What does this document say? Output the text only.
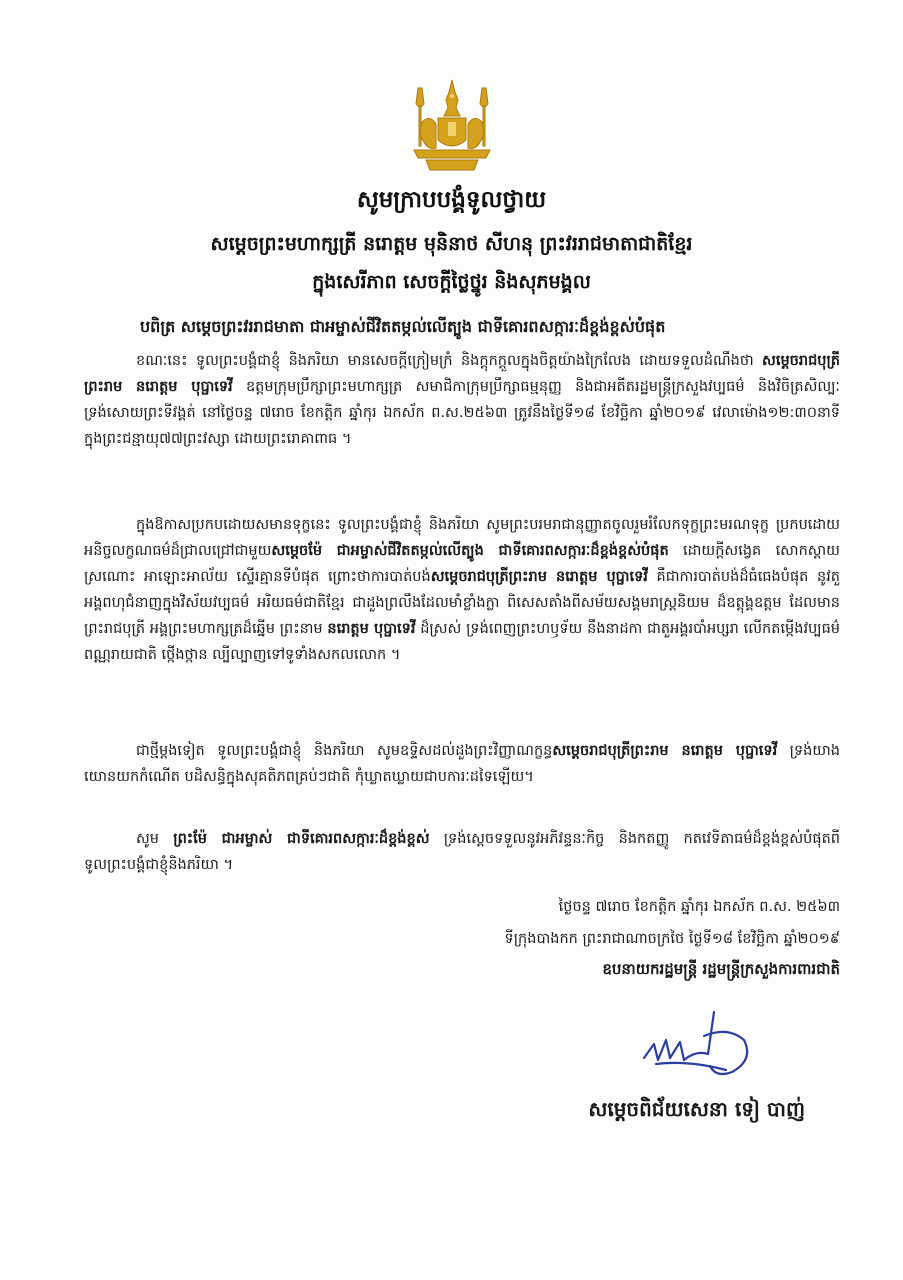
សូមក្រាបបង្គំទូលថ្វាយ
សម្តេចព្រះមហាក្សត្រី នរោត្តម មុនិនាថ សីហនុ ព្រះវររាជមាតាជាតិខ្មែរ
ក្នុងសេរីភាព សេចក្តីថ្លៃថ្នូរ និងសុភមង្គល
បពិត្រ សម្តេចព្រះវររាជមាតា ជាអម្ចាស់ជីវិតតម្កល់លើត្បូង ជាទីគោរពសក្ការៈដ៏ខ្ពង់ខ្ពស់បំផុត
ខណៈនេះ ទូលព្រះបង្គំជាខ្ញុំ និងភរិយា មានសេចក្តីក្រៀមក្រំ និងក្តុកក្តួលក្នុងចិត្តយ៉ាងក្រៃលែង ដោយទទួលដំណឹងថា សម្តេចរាជបុត្រីព្រះរាម នរោត្តម បុប្ផាទេវី ឧត្តមក្រុមប្រឹក្សាព្រះមហាក្សត្រ សមាជិកាក្រុមប្រឹក្សាធម្មនុញ្ញ និងជាអតីតរដ្ឋមន្ត្រីក្រសួងវប្បធម៌ និងវិចិត្រសិល្បៈ ទ្រង់សោយព្រះទីវង្គត់ នៅថ្ងៃចន្ទ ៧រោច ខែកត្តិក ឆ្នាំកុរ ឯកស័ក ព.ស.២៥៦៣ ត្រូវនឹងថ្ងៃទី១៨ ខែវិច្ឆិកា ឆ្នាំ២០១៩ វេលាម៉ោង១២:៣០នាទី ក្នុងព្រះជន្មាយុ៧៧ព្រះវស្សា ដោយព្រះរោគាពាធ ។
ក្នុងឱកាសប្រកបដោយសមានទុក្ខនេះ ទូលព្រះបង្គំជាខ្ញុំ និងភរិយា សូមព្រះបរមរាជានុញ្ញាតចូលរួមរំលែកទុក្ខព្រះមរណទុក្ខ ប្រកបដោយអនិច្ចលក្ខណធម៌ដ៏ជ្រាលជ្រៅជាមួយសម្តេចម៉ែ ជាអម្ចាស់ជីវិតតម្កល់លើត្បូង ជាទីគោរពសក្ការៈដ៏ខ្ពង់ខ្ពស់បំផុត ដោយក្តីសង្វេគ សោកស្តាយ ស្រណោះ អាឡោះអាល័យ ស្ទើរគ្មានទីបំផុត ព្រោះថាការបាត់បង់សម្តេចរាជបុត្រីព្រះរាម នរោត្តម បុប្ផាទេវី គឺជាការបាត់បង់ដ៏ធំធេងបំផុត នូវតួអង្គពហុជំនាញក្នុងវិស័យវប្បធម៌ អរិយធម៌ជាតិខ្មែរ ជាដួងព្រលឹងដែលមាំខ្លាំងក្លា ពិសេសតាំងពីសម័យសង្គមរាស្ត្រនិយម ដ៏ឧត្តុង្គឧត្តម ដែលមានព្រះរាជបុត្រី អង្គព្រះមហាក្សត្រដ៏ឆ្នើម ព្រះនាម នរោត្តម បុប្ផាទេវី ដ៏ស្រស់ ទ្រង់ពេញព្រះហឫទ័យ នឹងនាដកា ជាតួអង្គរបាំអប្សរា លើកតម្កើងវប្បធម៌ពណ្ណរាយជាតិ ថ្កើងថ្កាន ល្បីល្បាញទៅទូទាំងសកលលោក ។
ជាថ្មីម្តងទៀត ទូលព្រះបង្គំជាខ្ញុំ និងភរិយា សូមឧទ្ទិសដល់ដួងព្រះវិញ្ញាណក្ខន្ធសម្តេចរាជបុត្រីព្រះរាម នរោត្តម បុប្ផាទេវី ទ្រង់យាងយោនយកកំណើត បដិសន្ធិក្នុងសុគតិភពគ្រប់ៗជាតិ កុំឃ្លាតឃ្លាយជាបការៈដទៃឡើយ។
សូម ព្រះម៉ែ ជាអម្ចាស់ ជាទីគោរពសក្ការៈដ៏ខ្ពង់ខ្ពស់ ទ្រង់ស្តេចទទួលនូវអភិវន្ទនៈកិច្ច និងកតញ្ញូ កតវេទិតាធម៌ដ៏ខ្ពង់ខ្ពស់បំផុតពីទូលព្រះបង្គំជាខ្ញុំនិងភរិយា ។
ថ្ងៃចន្ទ ៧រោច ខែកត្តិក ឆ្នាំកុរ ឯកស័ក ព.ស. ២៥៦៣
ទីក្រុងបាងកក ព្រះរាជាណាចក្រថៃ ថ្ងៃទី១៨ ខែវិច្ឆិកា ឆ្នាំ២០១៩
ឧបនាយករដ្ឋមន្ត្រី រដ្ឋមន្ត្រីក្រសួងការពារជាតិ
សម្តេចពិជ័យសេនា ទៀ បាញ់
